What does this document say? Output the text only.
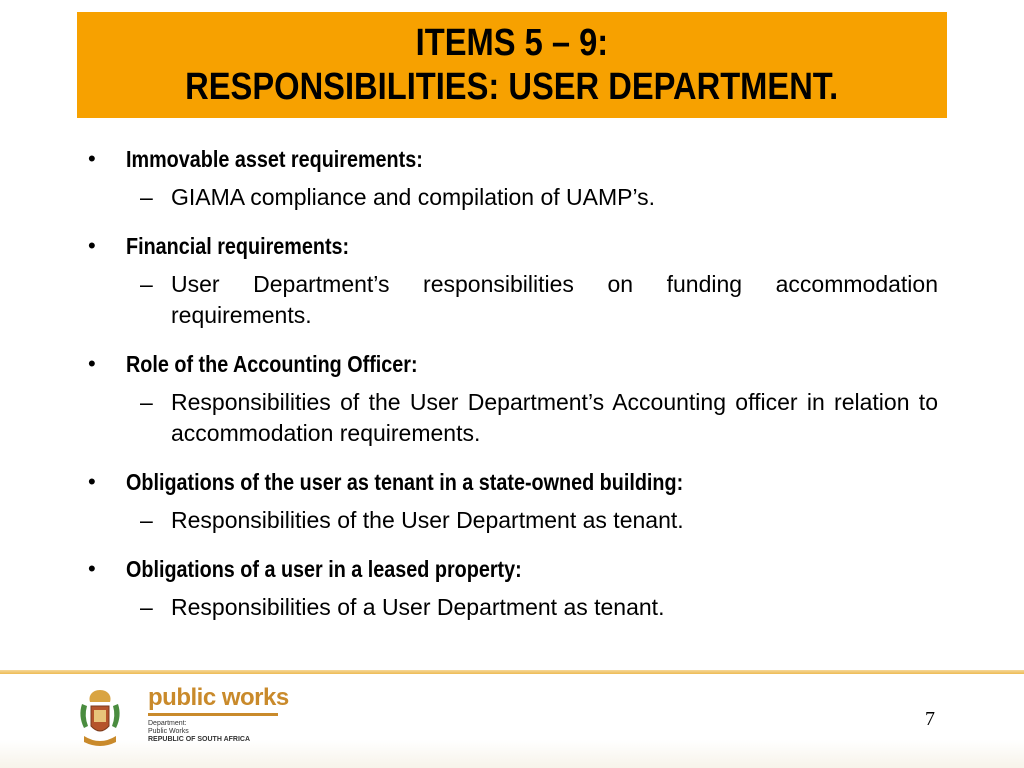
ITEMS 5 – 9:
RESPONSIBILITIES: USER DEPARTMENT.
• Immovable asset requirements:
– GIAMA compliance and compilation of UAMP’s.
• Financial requirements:
– User Department’s responsibilities on funding accommodation requirements.
• Role of the Accounting Officer:
– Responsibilities of the User Department’s Accounting officer in relation to accommodation requirements.
• Obligations of the user as tenant in a state-owned building:
– Responsibilities of the User Department as tenant.
• Obligations of a user in a leased property:
– Responsibilities of a User Department as tenant.
public works
Department:
Public Works
REPUBLIC OF SOUTH AFRICA
7
